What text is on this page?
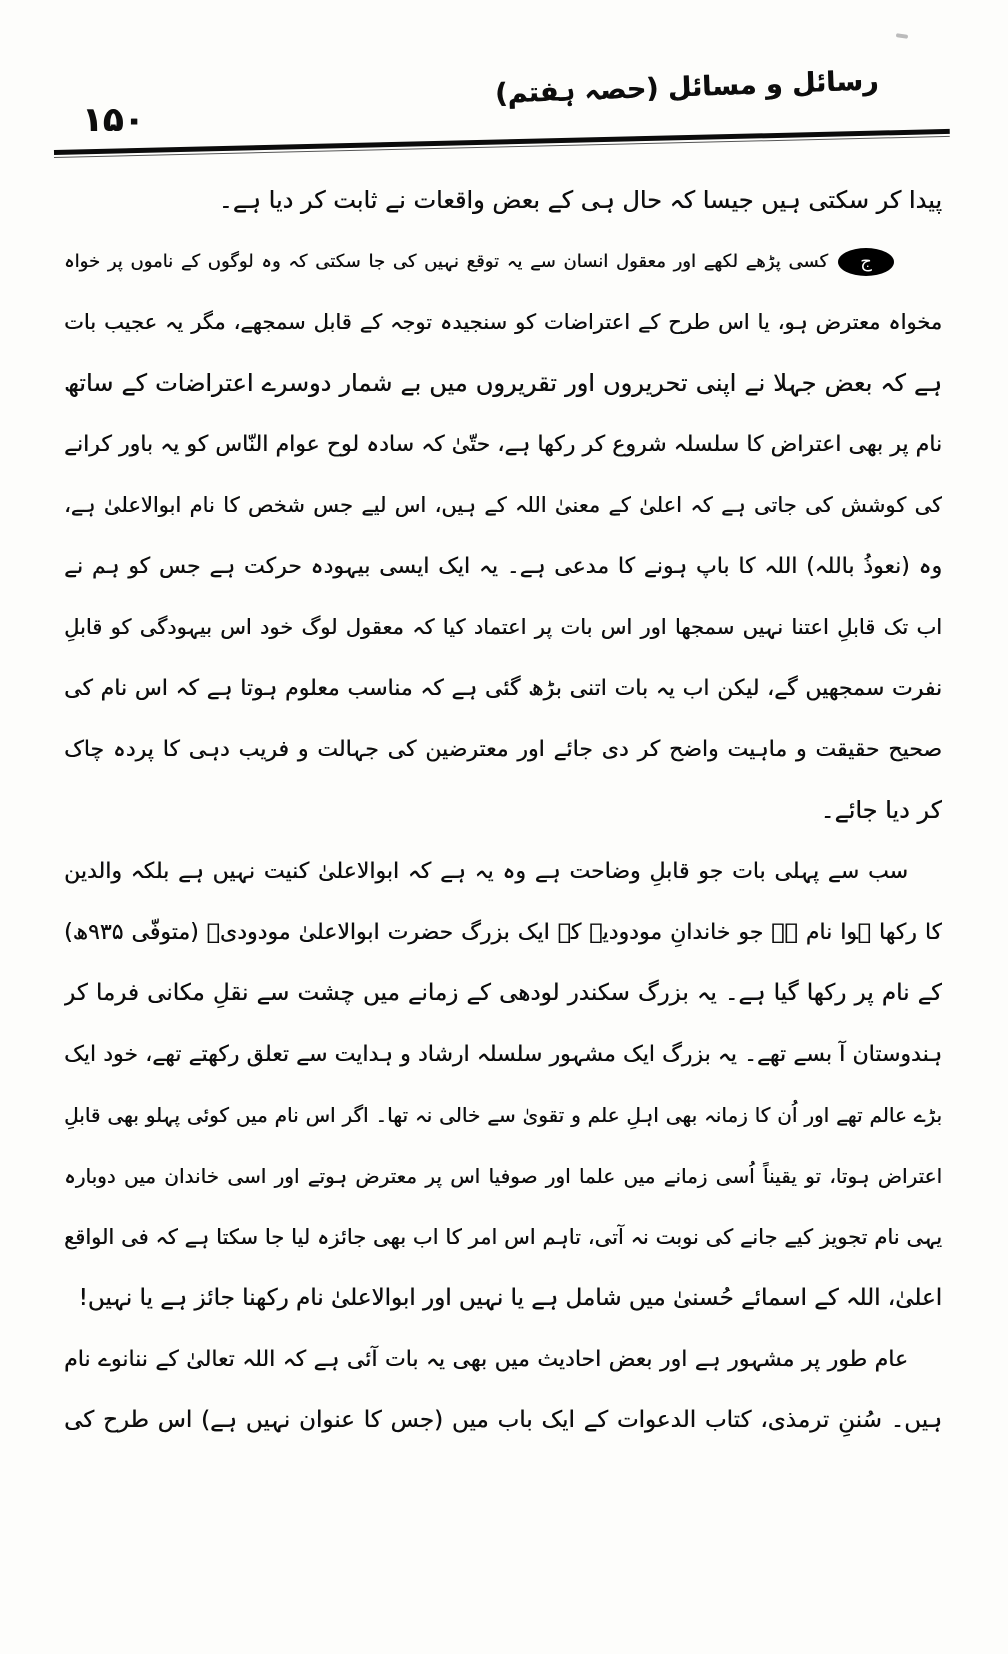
رسائل و مسائل (حصہ ہفتم)
۱۵۰
پیدا کر سکتی ہیں جیسا کہ حال ہی کے بعض واقعات نے ثابت کر دیا ہے۔
جکسی پڑھے لکھے اور معقول انسان سے یہ توقع نہیں کی جا سکتی کہ وہ لوگوں کے ناموں پر خواہ
مخواہ معترض ہو، یا اس طرح کے اعتراضات کو سنجیدہ توجہ کے قابل سمجھے، مگر یہ عجیب بات
ہے کہ بعض جہلا نے اپنی تحریروں اور تقریروں میں بے شمار دوسرے اعتراضات کے ساتھ
نام پر بھی اعتراض کا سلسلہ شروع کر رکھا ہے، حتّیٰ کہ سادہ لوح عوام النّاس کو یہ باور کرانے
کی کوشش کی جاتی ہے کہ اعلیٰ کے معنیٰ اللہ کے ہیں، اس لیے جس شخص کا نام ابوالاعلیٰ ہے،
وہ (نعوذُ باللہ) اللہ کا باپ ہونے کا مدعی ہے۔ یہ ایک ایسی بیہودہ حرکت ہے جس کو ہم نے
اب تک قابلِ اعتنا نہیں سمجھا اور اس بات پر اعتماد کیا کہ معقول لوگ خود اس بیہودگی کو قابلِ
نفرت سمجھیں گے، لیکن اب یہ بات اتنی بڑھ گئی ہے کہ مناسب معلوم ہوتا ہے کہ اس نام کی
صحیح حقیقت و ماہیت واضح کر دی جائے اور معترضین کی جہالت و فریب دہی کا پردہ چاک
کر دیا جائے۔
سب سے پہلی بات جو قابلِ وضاحت ہے وہ یہ ہے کہ ابوالاعلیٰ کنیت نہیں ہے بلکہ والدین
کا رکھا ہوا نام ہے جو خاندانِ مودودیہ کے ایک بزرگ حضرت ابوالاعلیٰ مودودیؒ (متوفّی ۹۳۵ھ)
کے نام پر رکھا گیا ہے۔ یہ بزرگ سکندر لودھی کے زمانے میں چشت سے نقلِ مکانی فرما کر
ہندوستان آ بسے تھے۔ یہ بزرگ ایک مشہور سلسلہ ارشاد و ہدایت سے تعلق رکھتے تھے، خود ایک
بڑے عالم تھے اور اُن کا زمانہ بھی اہلِ علم و تقویٰ سے خالی نہ تھا۔ اگر اس نام میں کوئی پہلو بھی قابلِ
اعتراض ہوتا، تو یقیناً اُسی زمانے میں علما اور صوفیا اس پر معترض ہوتے اور اسی خاندان میں دوبارہ
یہی نام تجویز کیے جانے کی نوبت نہ آتی، تاہم اس امر کا اب بھی جائزہ لیا جا سکتا ہے کہ فی الواقع
اعلیٰ، اللہ کے اسمائے حُسنیٰ میں شامل ہے یا نہیں اور ابوالاعلیٰ نام رکھنا جائز ہے یا نہیں!
عام طور پر مشہور ہے اور بعض احادیث میں بھی یہ بات آئی ہے کہ اللہ تعالیٰ کے ننانوے نام
ہیں۔ سُننِ ترمذی، کتاب الدعوات کے ایک باب میں (جس کا عنوان نہیں ہے) اس طرح کی
